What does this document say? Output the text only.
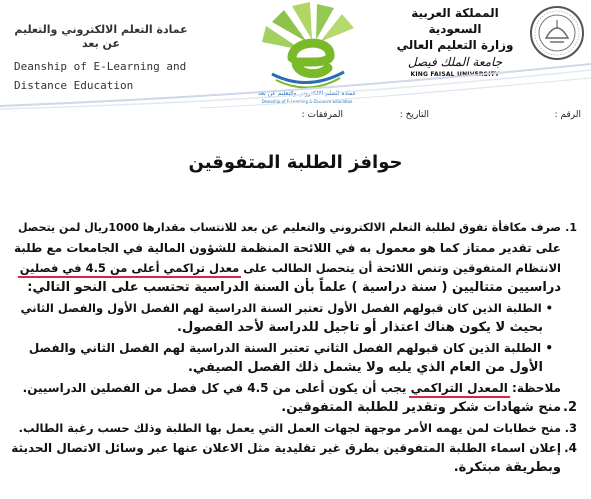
عمادة التعلم الالكتروني والتعليم عن بعد
Deanship of E-Learning and
Distance Education
عمادة التعلم الالكتروني والتعليم عن بعد
Deanship of E-Learning & Distance Education
المملكة العربية السعودية
وزارة التعليم العالي
جامعة الملك فيصل
KING FAISAL UNIVERSITY
الرقم :
التاريخ :
المرفقات :
حوافز الطلبة المتفوقين
1.صرف مكافأة تفوق لطلبة التعلم الالكتروني والتعليم عن بعد للانتساب مقدارها 1000ريال لمن يتحصل
على تقدير ممتاز كما هو معمول به في اللائحة المنظمة للشؤون المالية في الجامعات مع طلبة
الانتظام المتفوقين وتنص اللائحة أن يتحصل الطالب على معدل تراكمي أعلى من 4.5 في فصلين
دراسيين متتاليين ( سنة دراسية ) علماً بأن السنة الدراسية تحتسب على النحو التالي:
• الطلبة الذين كان قبولهم الفصل الأول تعتبر السنة الدراسية لهم الفصل الأول والفصل الثاني
بحيث لا يكون هناك اعتذار أو تاجيل للدراسة لأحد الفصول.
• الطلبة الذين كان قبولهم الفصل الثاني تعتبر السنة الدراسية لهم الفصل الثاني والفصل
الأول من العام الذي يليه ولا يشمل ذلك الفصل الصيفي.
ملاحظة: المعدل التراكمي يجب أن يكون أعلى من 4.5 في كل فصل من الفصلين الدراسيين.
2.منح شهادات شكر وتقدير للطلبة المتفوقين.
3.منح خطابات لمن يهمه الأمر موجهة لجهات العمل التي يعمل بها الطلبة وذلك حسب رغبة الطالب.
4.إعلان اسماء الطلبة المتفوقين بطرق غير تقليدية مثل الاعلان عنها عبر وسائل الاتصال الحديثة
وبطريقة مبتكرة.
